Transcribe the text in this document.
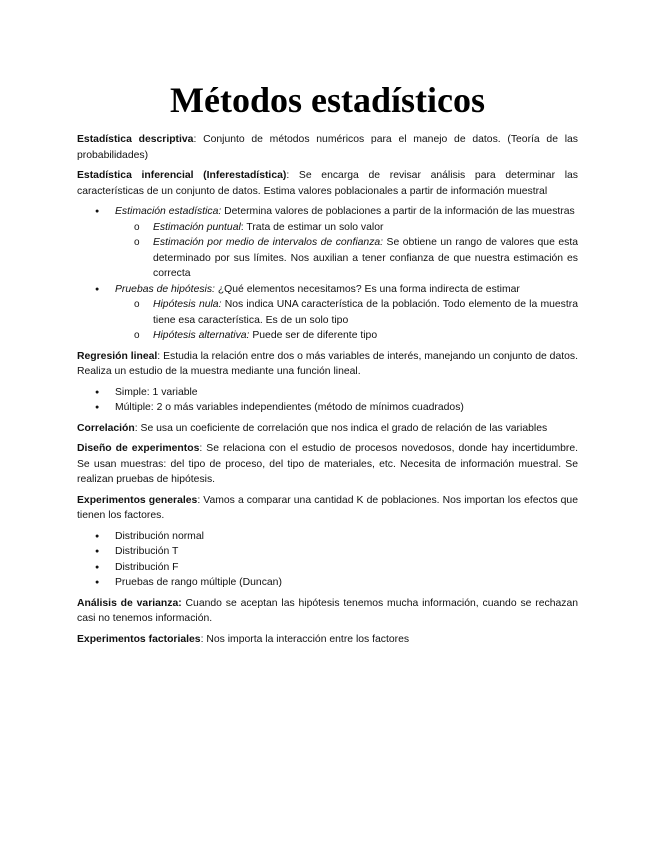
Métodos estadísticos

Estadística descriptiva: Conjunto de métodos numéricos para el manejo de datos. (Teoría de las probabilidades)

Estadística inferencial (Inferestadística): Se encarga de revisar análisis para determinar las características de un conjunto de datos. Estima valores poblacionales a partir de información muestral

● Estimación estadística: Determina valores de poblaciones a partir de la información de las muestras
o Estimación puntual: Trata de estimar un solo valor
o Estimación por medio de intervalos de confianza: Se obtiene un rango de valores que esta determinado por sus límites. Nos auxilian a tener confianza de que nuestra estimación es correcta
● Pruebas de hipótesis: ¿Qué elementos necesitamos? Es una forma indirecta de estimar
o Hipótesis nula: Nos indica UNA característica de la población. Todo elemento de la muestra tiene esa característica. Es de un solo tipo
o Hipótesis alternativa: Puede ser de diferente tipo

Regresión lineal: Estudia la relación entre dos o más variables de interés, manejando un conjunto de datos. Realiza un estudio de la muestra mediante una función lineal.

● Simple: 1 variable
● Múltiple: 2 o más variables independientes (método de mínimos cuadrados)

Correlación: Se usa un coeficiente de correlación que nos indica el grado de relación de las variables

Diseño de experimentos: Se relaciona con el estudio de procesos novedosos, donde hay incertidumbre. Se usan muestras: del tipo de proceso, del tipo de materiales, etc. Necesita de información muestral. Se realizan pruebas de hipótesis.

Experimentos generales: Vamos a comparar una cantidad K de poblaciones. Nos importan los efectos que tienen los factores.

● Distribución normal
● Distribución T
● Distribución F
● Pruebas de rango múltiple (Duncan)

Análisis de varianza: Cuando se aceptan las hipótesis tenemos mucha información, cuando se rechazan casi no tenemos información.

Experimentos factoriales: Nos importa la interacción entre los factores
